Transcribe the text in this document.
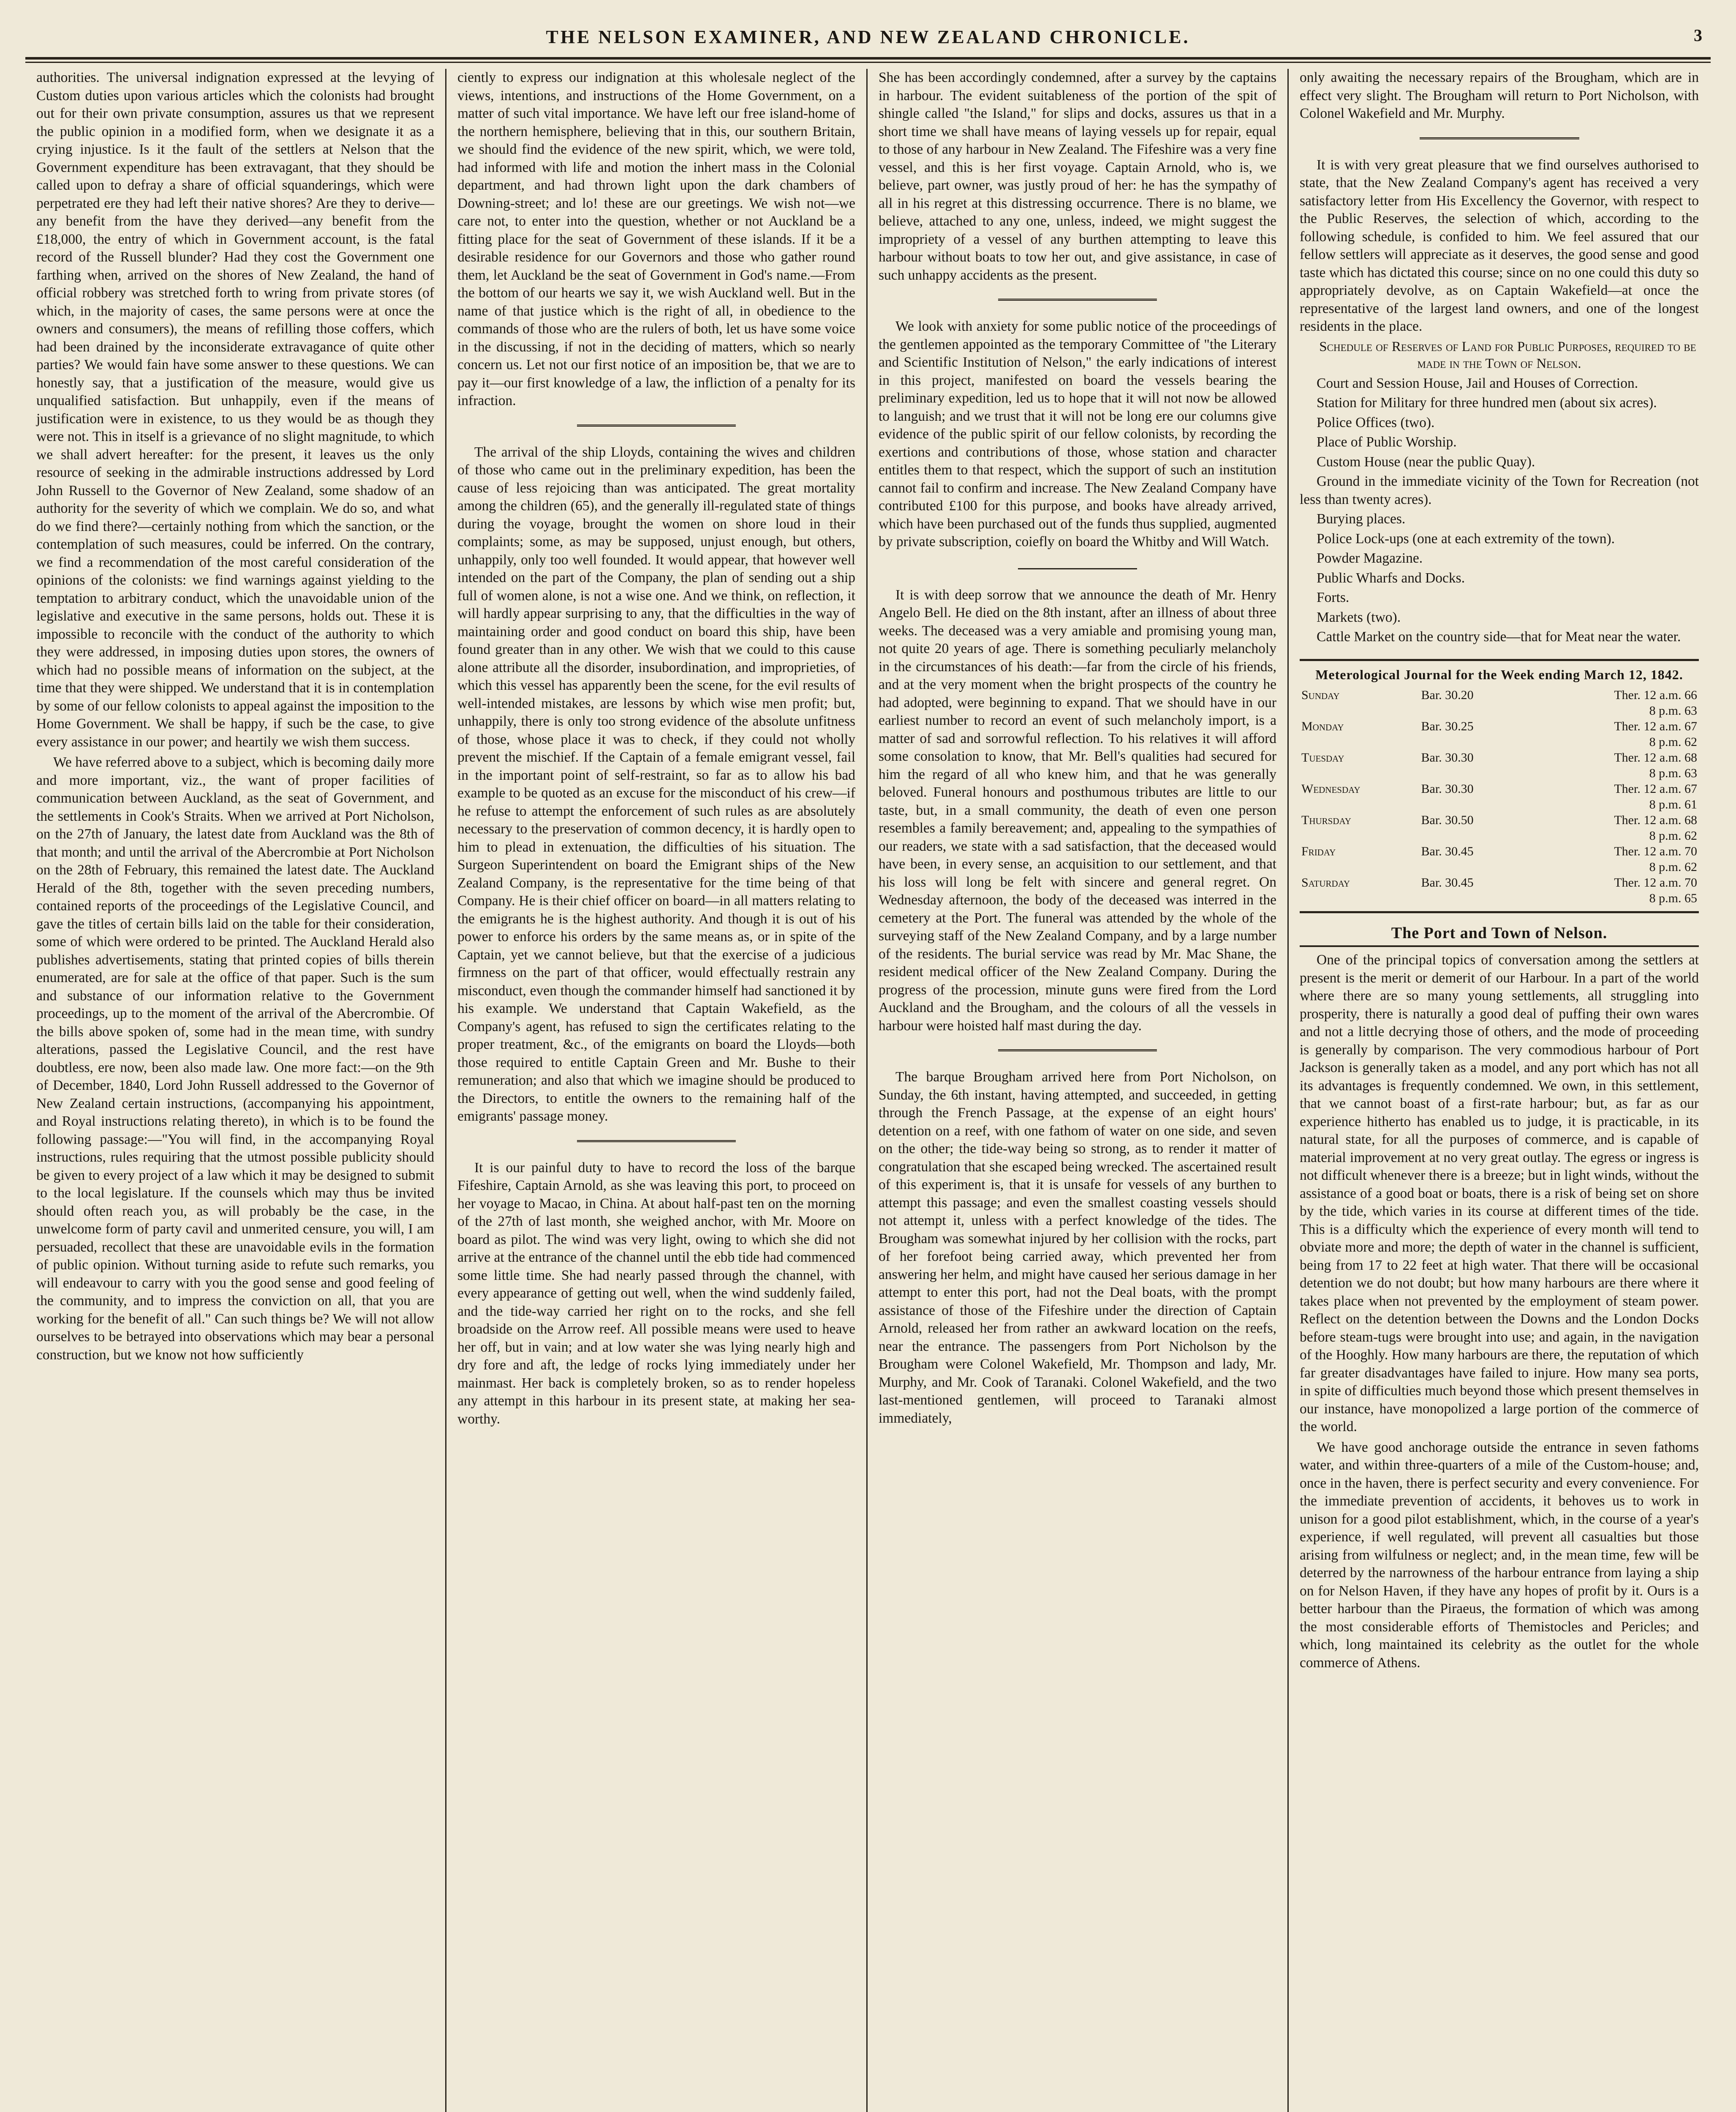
THE NELSON EXAMINER, AND NEW ZEALAND CHRONICLE.	3

authorities. The universal indignation expressed at the levying of Custom duties upon various articles which the colonists had brought out for their own private consumption, assures us that we represent the public opinion in a modified form, when we designate it as a crying injustice. Is it the fault of the settlers at Nelson that the Government expenditure has been extravagant, that they should be called upon to defray a share of official squanderings, which were perpetrated ere they had left their native shores? Are they to derive—any benefit from the have they derived—any benefit from the £18,000, the entry of which in Government account, is the fatal record of the Russell blunder? Had they cost the Government one farthing when, arrived on the shores of New Zealand, the hand of official robbery was stretched forth to wring from private stores (of which, in the majority of cases, the same persons were at once the owners and consumers), the means of refilling those coffers, which had been drained by the inconsiderate extravagance of quite other parties? We would fain have some answer to these questions. We can honestly say, that a justification of the measure, would give us unqualified satisfaction. But unhappily, even if the means of justification were in existence, to us they would be as though they were not. This in itself is a grievance of no slight magnitude, to which we shall advert hereafter: for the present, it leaves us the only resource of seeking in the admirable instructions addressed by Lord John Russell to the Governor of New Zealand, some shadow of an authority for the severity of which we complain. We do so, and what do we find there?—certainly nothing from which the sanction, or the contemplation of such measures, could be inferred. On the contrary, we find a recommendation of the most careful consideration of the opinions of the colonists: we find warnings against yielding to the temptation to arbitrary conduct, which the unavoidable union of the legislative and executive in the same persons, holds out. These it is impossible to reconcile with the conduct of the authority to which they were addressed, in imposing duties upon stores, the owners of which had no possible means of information on the subject, at the time that they were shipped. We understand that it is in contemplation by some of our fellow colonists to appeal against the imposition to the Home Government. We shall be happy, if such be the case, to give every assistance in our power; and heartily we wish them success.

We have referred above to a subject, which is becoming daily more and more important, viz., the want of proper facilities of communication between Auckland, as the seat of Government, and the settlements in Cook's Straits. When we arrived at Port Nicholson, on the 27th of January, the latest date from Auckland was the 8th of that month; and until the arrival of the Abercrombie at Port Nicholson on the 28th of February, this remained the latest date. The Auckland Herald of the 8th, together with the seven preceding numbers, contained reports of the proceedings of the Legislative Council, and gave the titles of certain bills laid on the table for their consideration, some of which were ordered to be printed. The Auckland Herald also publishes advertisements, stating that printed copies of bills therein enumerated, are for sale at the office of that paper. Such is the sum and substance of our information relative to the Government proceedings, up to the moment of the arrival of the Abercrombie. Of the bills above spoken of, some had in the mean time, with sundry alterations, passed the Legislative Council, and the rest have doubtless, ere now, been also made law. One more fact:—on the 9th of December, 1840, Lord John Russell addressed to the Governor of New Zealand certain instructions, (accompanying his appointment, and Royal instructions relating thereto), in which is to be found the following passage:—"You will find, in the accompanying Royal instructions, rules requiring that the utmost possible publicity should be given to every project of a law which it may be designed to submit to the local legislature. If the counsels which may thus be invited should often reach you, as will probably be the case, in the unwelcome form of party cavil and unmerited censure, you will, I am persuaded, recollect that these are unavoidable evils in the formation of public opinion. Without turning aside to refute such remarks, you will endeavour to carry with you the good sense and good feeling of the community, and to impress the conviction on all, that you are working for the benefit of all." Can such things be? We will not allow ourselves to be betrayed into observations which may bear a personal construction, but we know not how sufficiently

ciently to express our indignation at this wholesale neglect of the views, intentions, and instructions of the Home Government, on a matter of such vital importance. We have left our free island-home of the northern hemisphere, believing that in this, our southern Britain, we should find the evidence of the new spirit, which, we were told, had informed with life and motion the inhert mass in the Colonial department, and had thrown light upon the dark chambers of Downing-street; and lo! these are our greetings. We wish not—we care not, to enter into the question, whether or not Auckland be a fitting place for the seat of Government of these islands. If it be a desirable residence for our Governors and those who gather round them, let Auckland be the seat of Government in God's name.—From the bottom of our hearts we say it, we wish Auckland well. But in the name of that justice which is the right of all, in obedience to the commands of those who are the rulers of both, let us have some voice in the discussing, if not in the deciding of matters, which so nearly concern us. Let not our first notice of an imposition be, that we are to pay it—our first knowledge of a law, the infliction of a penalty for its infraction.

The arrival of the ship Lloyds, containing the wives and children of those who came out in the preliminary expedition, has been the cause of less rejoicing than was anticipated. The great mortality among the children (65), and the generally ill-regulated state of things during the voyage, brought the women on shore loud in their complaints; some, as may be supposed, unjust enough, but others, unhappily, only too well founded. It would appear, that however well intended on the part of the Company, the plan of sending out a ship full of women alone, is not a wise one. And we think, on reflection, it will hardly appear surprising to any, that the difficulties in the way of maintaining order and good conduct on board this ship, have been found greater than in any other. We wish that we could to this cause alone attribute all the disorder, insubordination, and improprieties, of which this vessel has apparently been the scene, for the evil results of well-intended mistakes, are lessons by which wise men profit; but, unhappily, there is only too strong evidence of the absolute unfitness of those, whose place it was to check, if they could not wholly prevent the mischief. If the Captain of a female emigrant vessel, fail in the important point of self-restraint, so far as to allow his bad example to be quoted as an excuse for the misconduct of his crew—if he refuse to attempt the enforcement of such rules as are absolutely necessary to the preservation of common decency, it is hardly open to him to plead in extenuation, the difficulties of his situation. The Surgeon Superintendent on board the Emigrant ships of the New Zealand Company, is the representative for the time being of that Company. He is their chief officer on board—in all matters relating to the emigrants he is the highest authority. And though it is out of his power to enforce his orders by the same means as, or in spite of the Captain, yet we cannot believe, but that the exercise of a judicious firmness on the part of that officer, would effectually restrain any misconduct, even though the commander himself had sanctioned it by his example. We understand that Captain Wakefield, as the Company's agent, has refused to sign the certificates relating to the proper treatment, &c., of the emigrants on board the Lloyds—both those required to entitle Captain Green and Mr. Bushe to their remuneration; and also that which we imagine should be produced to the Directors, to entitle the owners to the remaining half of the emigrants' passage money.

It is our painful duty to have to record the loss of the barque Fifeshire, Captain Arnold, as she was leaving this port, to proceed on her voyage to Macao, in China. At about half-past ten on the morning of the 27th of last month, she weighed anchor, with Mr. Moore on board as pilot. The wind was very light, owing to which she did not arrive at the entrance of the channel until the ebb tide had commenced some little time. She had nearly passed through the channel, with every appearance of getting out well, when the wind suddenly failed, and the tide-way carried her right on to the rocks, and she fell broadside on the Arrow reef. All possible means were used to heave her off, but in vain; and at low water she was lying nearly high and dry fore and aft, the ledge of rocks lying immediately under her mainmast. Her back is completely broken, so as to render hopeless any attempt in this harbour in its present state, at making her sea-worthy.

She has been accordingly condemned, after a survey by the captains in harbour. The evident suitableness of the portion of the spit of shingle called "the Island," for slips and docks, assures us that in a short time we shall have means of laying vessels up for repair, equal to those of any harbour in New Zealand. The Fifeshire was a very fine vessel, and this is her first voyage. Captain Arnold, who is, we believe, part owner, was justly proud of her: he has the sympathy of all in his regret at this distressing occurrence. There is no blame, we believe, attached to any one, unless, indeed, we might suggest the impropriety of a vessel of any burthen attempting to leave this harbour without boats to tow her out, and give assistance, in case of such unhappy accidents as the present.

We look with anxiety for some public notice of the proceedings of the gentlemen appointed as the temporary Committee of "the Literary and Scientific Institution of Nelson," the early indications of interest in this project, manifested on board the vessels bearing the preliminary expedition, led us to hope that it will not now be allowed to languish; and we trust that it will not be long ere our columns give evidence of the public spirit of our fellow colonists, by recording the exertions and contributions of those, whose station and character entitles them to that respect, which the support of such an institution cannot fail to confirm and increase. The New Zealand Company have contributed £100 for this purpose, and books have already arrived, which have been purchased out of the funds thus supplied, augmented by private subscription, coiefly on board the Whitby and Will Watch.

It is with deep sorrow that we announce the death of Mr. Henry Angelo Bell. He died on the 8th instant, after an illness of about three weeks. The deceased was a very amiable and promising young man, not quite 20 years of age. There is something peculiarly melancholy in the circumstances of his death:—far from the circle of his friends, and at the very moment when the bright prospects of the country he had adopted, were beginning to expand. That we should have in our earliest number to record an event of such melancholy import, is a matter of sad and sorrowful reflection. To his relatives it will afford some consolation to know, that Mr. Bell's qualities had secured for him the regard of all who knew him, and that he was generally beloved. Funeral honours and posthumous tributes are little to our taste, but, in a small community, the death of even one person resembles a family bereavement; and, appealing to the sympathies of our readers, we state with a sad satisfaction, that the deceased would have been, in every sense, an acquisition to our settlement, and that his loss will long be felt with sincere and general regret. On Wednesday afternoon, the body of the deceased was interred in the cemetery at the Port. The funeral was attended by the whole of the surveying staff of the New Zealand Company, and by a large number of the residents. The burial service was read by Mr. Mac Shane, the resident medical officer of the New Zealand Company. During the progress of the procession, minute guns were fired from the Lord Auckland and the Brougham, and the colours of all the vessels in harbour were hoisted half mast during the day.

The barque Brougham arrived here from Port Nicholson, on Sunday, the 6th instant, having attempted, and succeeded, in getting through the French Passage, at the expense of an eight hours' detention on a reef, with one fathom of water on one side, and seven on the other; the tide-way being so strong, as to render it matter of congratulation that she escaped being wrecked. The ascertained result of this experiment is, that it is unsafe for vessels of any burthen to attempt this passage; and even the smallest coasting vessels should not attempt it, unless with a perfect knowledge of the tides. The Brougham was somewhat injured by her collision with the rocks, part of her forefoot being carried away, which prevented her from answering her helm, and might have caused her serious damage in her attempt to enter this port, had not the Deal boats, with the prompt assistance of those of the Fifeshire under the direction of Captain Arnold, released her from rather an awkward location on the reefs, near the entrance. The passengers from Port Nicholson by the Brougham were Colonel Wakefield, Mr. Thompson and lady, Mr. Murphy, and Mr. Cook of Taranaki. Colonel Wakefield, and the two last-mentioned gentlemen, will proceed to Taranaki almost immediately,

only awaiting the necessary repairs of the Brougham, which are in effect very slight. The Brougham will return to Port Nicholson, with Colonel Wakefield and Mr. Murphy.

It is with very great pleasure that we find ourselves authorised to state, that the New Zealand Company's agent has received a very satisfactory letter from His Excellency the Governor, with respect to the Public Reserves, the selection of which, according to the following schedule, is confided to him. We feel assured that our fellow settlers will appreciate as it deserves, the good sense and good taste which has dictated this course; since on no one could this duty so appropriately devolve, as on Captain Wakefield—at once the representative of the largest land owners, and one of the longest residents in the place.

Schedule of Reserves of Land for Public Purposes, required to be made in the Town of Nelson.

Court and Session House, Jail and Houses of Correction.
Station for Military for three hundred men (about six acres).
Police Offices (two).
Place of Public Worship.
Custom House (near the public Quay).
Ground in the immediate vicinity of the Town for Recreation (not less than twenty acres).
Burying places.
Police Lock-ups (one at each extremity of the town).
Powder Magazine.
Public Wharfs and Docks.
Forts.
Markets (two).
Cattle Market on the country side—that for Meat near the water.
Meterological Journal for the Week ending March 12, 1842.
Sunday	Bar. 30.20	Ther. 12 a.m. 66
		8 p.m. 63
Monday	Bar. 30.25	Ther. 12 a.m. 67
		8 p.m. 62
Tuesday	Bar. 30.30	Ther. 12 a.m. 68
		8 p.m. 63
Wednesday	Bar. 30.30	Ther. 12 a.m. 67
		8 p.m. 61
Thursday	Bar. 30.50	Ther. 12 a.m. 68
		8 p.m. 62
Friday	Bar. 30.45	Ther. 12 a.m. 70
		8 p.m. 62
Saturday	Bar. 30.45	Ther. 12 a.m. 70
		8 p.m. 65
The Port and Town of Nelson.

One of the principal topics of conversation among the settlers at present is the merit or demerit of our Harbour. In a part of the world where there are so many young settlements, all struggling into prosperity, there is naturally a good deal of puffing their own wares and not a little decrying those of others, and the mode of proceeding is generally by comparison. The very commodious harbour of Port Jackson is generally taken as a model, and any port which has not all its advantages is frequently condemned. We own, in this settlement, that we cannot boast of a first-rate harbour; but, as far as our experience hitherto has enabled us to judge, it is practicable, in its natural state, for all the purposes of commerce, and is capable of material improvement at no very great outlay. The egress or ingress is not difficult whenever there is a breeze; but in light winds, without the assistance of a good boat or boats, there is a risk of being set on shore by the tide, which varies in its course at different times of the tide. This is a difficulty which the experience of every month will tend to obviate more and more; the depth of water in the channel is sufficient, being from 17 to 22 feet at high water. That there will be occasional detention we do not doubt; but how many harbours are there where it takes place when not prevented by the employment of steam power. Reflect on the detention between the Downs and the London Docks before steam-tugs were brought into use; and again, in the navigation of the Hooghly. How many harbours are there, the reputation of which far greater disadvantages have failed to injure. How many sea ports, in spite of difficulties much beyond those which present themselves in our instance, have monopolized a large portion of the commerce of the world.

We have good anchorage outside the entrance in seven fathoms water, and within three-quarters of a mile of the Custom-house; and, once in the haven, there is perfect security and every convenience. For the immediate prevention of accidents, it behoves us to work in unison for a good pilot establishment, which, in the course of a year's experience, if well regulated, will prevent all casualties but those arising from wilfulness or neglect; and, in the mean time, few will be deterred by the narrowness of the harbour entrance from laying a ship on for Nelson Haven, if they have any hopes of profit by it. Ours is a better harbour than the Piraeus, the formation of which was among the most considerable efforts of Themistocles and Pericles; and which, long maintained its celebrity as the outlet for the whole commerce of Athens.
